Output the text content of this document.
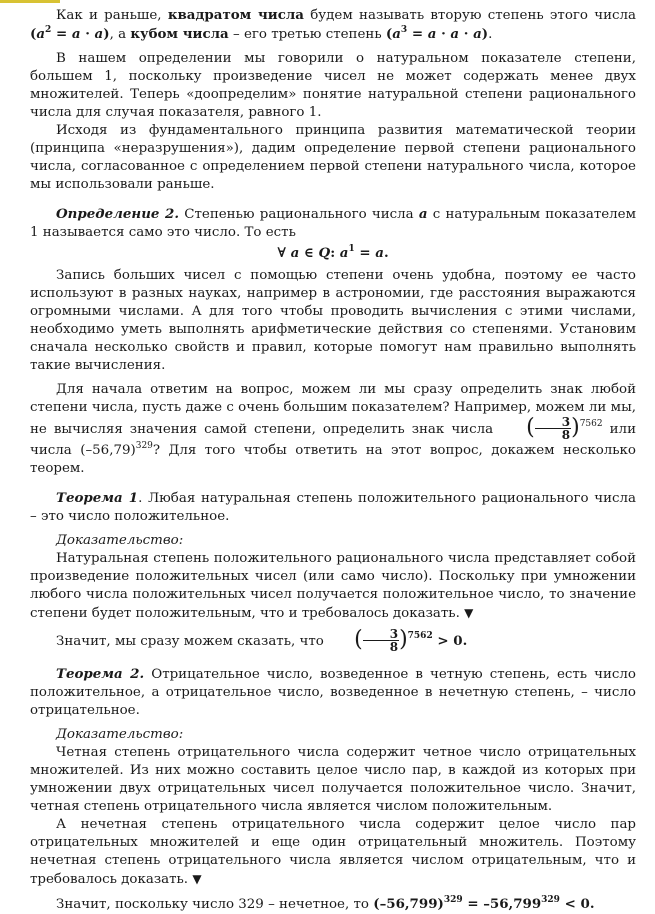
Как и раньше, квадратом числа будем называть вторую степень этого числа $(a^2 = a \cdot a)$, а кубом числа – его третью степень $(a^3 = a \cdot a \cdot a)$.

В нашем определении мы говорили о натуральном показателе степени, большем 1, поскольку произведение чисел не может содержать менее двух множителей. Теперь «доопределим» понятие натуральной степени рационального числа для случая показателя, равного 1.

Исходя из фундаментального принципа развития математической теории (принципа «неразрушения»), дадим определение первой степени рационального числа, согласованное с определением первой степени натурального числа, которое мы использовали раньше.

Определение 2. Степенью рационального числа a с натуральным показателем 1 называется само это число. То есть

∀ a ∈ Q: $a^1 = a$.

Запись больших чисел с помощью степени очень удобна, поэтому ее часто используют в разных науках, например в астрономии, где расстояния выражаются огромными числами. А для того чтобы проводить вычисления с этими числами, необходимо уметь выполнять арифметические действия со степенями. Установим сначала несколько свойств и правил, которые помогут нам правильно выполнять такие вычисления.

Для начала ответим на вопрос, можем ли мы сразу определить знак любой степени числа, пусть даже с очень большим показателем? Например, можем ли мы, не вычисляя значения самой степени, определить знак числа ( $\frac{3}{8} )^{7562}$ или числа $(-56,79)^{329}$? Для того чтобы ответить на этот вопрос, докажем несколько теорем.

Теорема 1. Любая натуральная степень положительного рационального числа – это число положительное.

Доказательство:

Натуральная степень положительного рационального числа представляет собой произведение положительных чисел (или само число). Поскольку при умножении любого числа положительных чисел получается положительное число, то значение степени будет положительным, что и требовалось доказать. ▼

Значит, мы сразу можем сказать, что ( $\frac{3}{8} )^{7562} > 0$.

Теорема 2. Отрицательное число, возведенное в четную степень, есть число положительное, а отрицательное число, возведенное в нечетную степень, – число отрицательное.

Доказательство:

Четная степень отрицательного числа содержит четное число отрицательных множителей. Из них можно составить целое число пар, в каждой из которых при умножении двух отрицательных чисел получается положительное число. Значит, четная степень отрицательного числа является числом положительным.

А нечетная степень отрицательного числа содержит целое число пар отрицательных множителей и еще один отрицательный множитель. Поэтому нечетная степень отрицательного числа является числом отрицательным, что и требовалось доказать. ▼

Значит, поскольку число 329 – нечетное, то $(-56,799)^{329} = -56,799^{329} < 0$.
